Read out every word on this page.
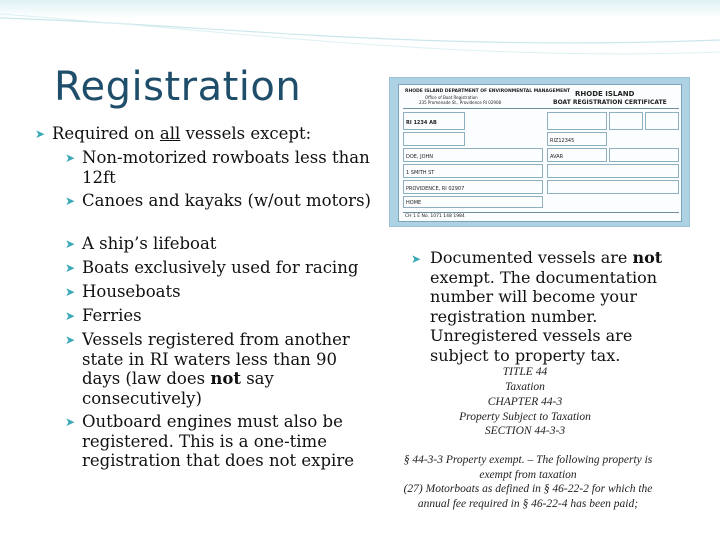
Registration
➤ Required on all vessels except:
➤ Non-motorized rowboats less than 12ft
➤ Canoes and kayaks (w/out motors)
➤ A ship’s lifeboat
➤ Boats exclusively used for racing
➤ Houseboats
➤ Ferries
➤ Vessels registered from another state in RI waters less than 90 days (law does not say consecutively)
➤ Outboard engines must also be registered. This is a one-time registration that does not expire
RHODE ISLAND DEPARTMENT OF ENVIRONMENTAL MANAGEMENT
Office of Boat Registration
235 Promenade St., Providence RI 02908
RHODE ISLAND
BOAT REGISTRATION CERTIFICATE
RI 1234 AB
DOE, JOHN
1 SMITH ST
PROVIDENCE, RI 02907
HOME
RIZ12345
AVAR
CH 1 E No. 1071 148 1984
➤ Documented vessels are not exempt. The documentation number will become your registration number. Unregistered vessels are subject to property tax.
TITLE 44
Taxation
CHAPTER 44-3
Property Subject to Taxation
SECTION 44-3-3
§ 44-3-3 Property exempt. – The following property is exempt from taxation
(27) Motorboats as defined in § 46-22-2 for which the annual fee required in § 46-22-4 has been paid;
